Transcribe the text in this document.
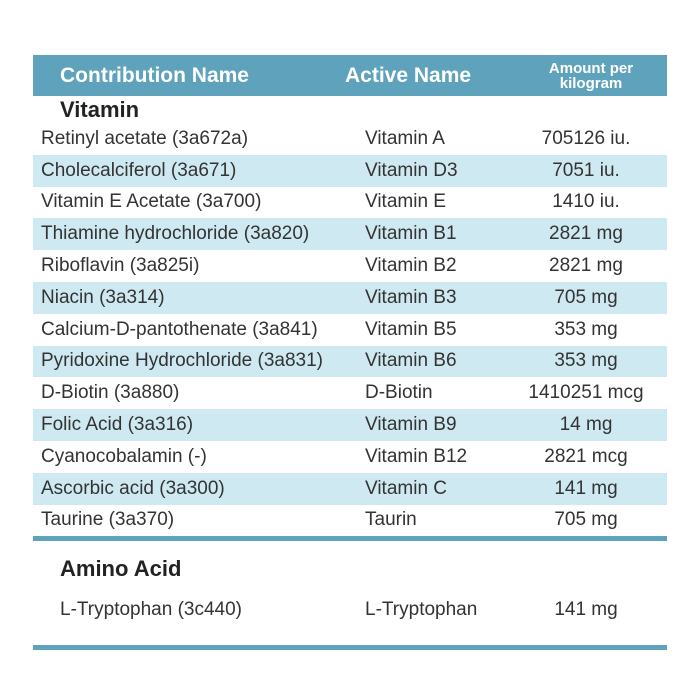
Contribution Name	Active Name	Amount per
kilogram
Vitamin
Retinyl acetate (3a672a)	Vitamin A	705126 iu.
Cholecalciferol (3a671)	Vitamin D3	7051 iu.
Vitamin E Acetate (3a700)	Vitamin E	1410 iu.
Thiamine hydrochloride (3a820)	Vitamin B1	2821 mg
Riboflavin (3a825i)	Vitamin B2	2821 mg
Niacin (3a314)	Vitamin B3	705 mg
Calcium-D-pantothenate (3a841)	Vitamin B5	353 mg
Pyridoxine Hydrochloride (3a831)	Vitamin B6	353 mg
D-Biotin (3a880)	D-Biotin	1410251 mcg
Folic Acid (3a316)	Vitamin B9	14 mg
Cyanocobalamin (-)	Vitamin B12	2821 mcg
Ascorbic acid (3a300)	Vitamin C	141 mg
Taurine (3a370)	Taurin	705 mg
Amino Acid
L-Tryptophan (3c440)	L-Tryptophan	141 mg
